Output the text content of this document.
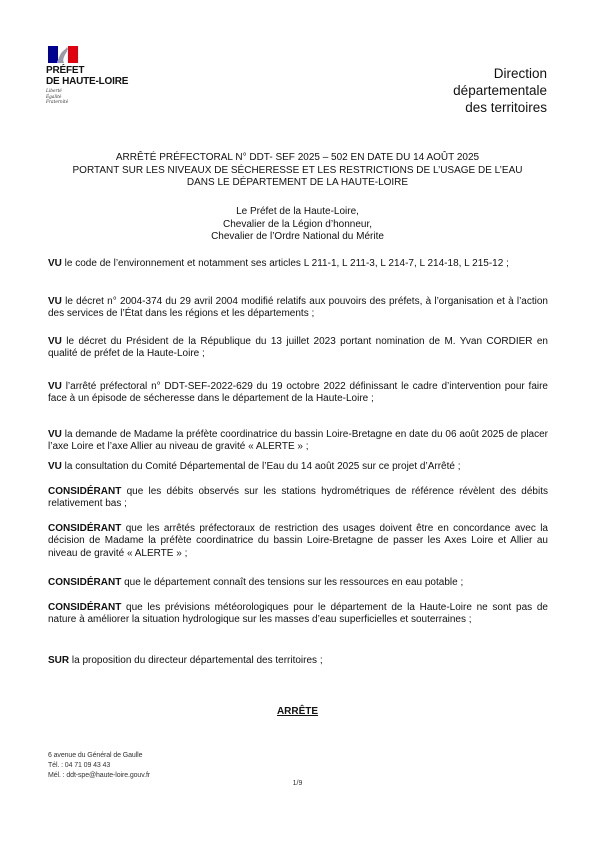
PRÉFET
DE HAUTE-LOIRE
Liberté
Égalité
Fraternité
Direction
départementale
des territoires
ARRÊTÉ PRÉFECTORAL N° DDT- SEF 2025 – 502 EN DATE DU 14 AOÛT 2025
PORTANT SUR LES NIVEAUX DE SÉCHERESSE ET LES RESTRICTIONS DE L’USAGE DE L’EAU
DANS LE DÉPARTEMENT DE LA HAUTE-LOIRE
Le Préfet de la Haute-Loire,
Chevalier de la Légion d’honneur,
Chevalier de l’Ordre National du Mérite
VU le code de l’environnement et notamment ses articles L 211-1, L 211-3, L 214-7, L 214-18, L 215-12 ;
VU le décret n° 2004-374 du 29 avril 2004 modifié relatifs aux pouvoirs des préfets, à l’organisation et à l’action des services de l’État dans les régions et les départements ;
VU le décret du Président de la République du 13 juillet 2023 portant nomination de M. Yvan CORDIER en qualité de préfet de la Haute-Loire ;
VU l’arrêté préfectoral n° DDT-SEF-2022-629 du 19 octobre 2022 définissant le cadre d’intervention pour faire face à un épisode de sécheresse dans le département de la Haute-Loire ;
VU la demande de Madame la préfète coordinatrice du bassin Loire-Bretagne en date du 06 août 2025 de placer l’axe Loire et l’axe Allier au niveau de gravité « ALERTE » ;
VU la consultation du Comité Départemental de l’Eau du 14 août 2025 sur ce projet d’Arrêté ;
CONSIDÉRANT que les débits observés sur les stations hydrométriques de référence révèlent des débits relativement bas ;
CONSIDÉRANT que les arrêtés préfectoraux de restriction des usages doivent être en concordance avec la décision de Madame la préfète coordinatrice du bassin Loire-Bretagne de passer les Axes Loire et Allier au niveau de gravité « ALERTE » ;
CONSIDÉRANT que le département connaît des tensions sur les ressources en eau potable ;
CONSIDÉRANT que les prévisions météorologiques pour le département de la Haute-Loire ne sont pas de nature à améliorer la situation hydrologique sur les masses d’eau superficielles et souterraines ;
SUR la proposition du directeur départemental des territoires ;
ARRÊTE
6 avenue du Général de Gaulle
Tél. : 04 71 09 43 43
Mél. : ddt-spe@haute-loire.gouv.fr
1/9
